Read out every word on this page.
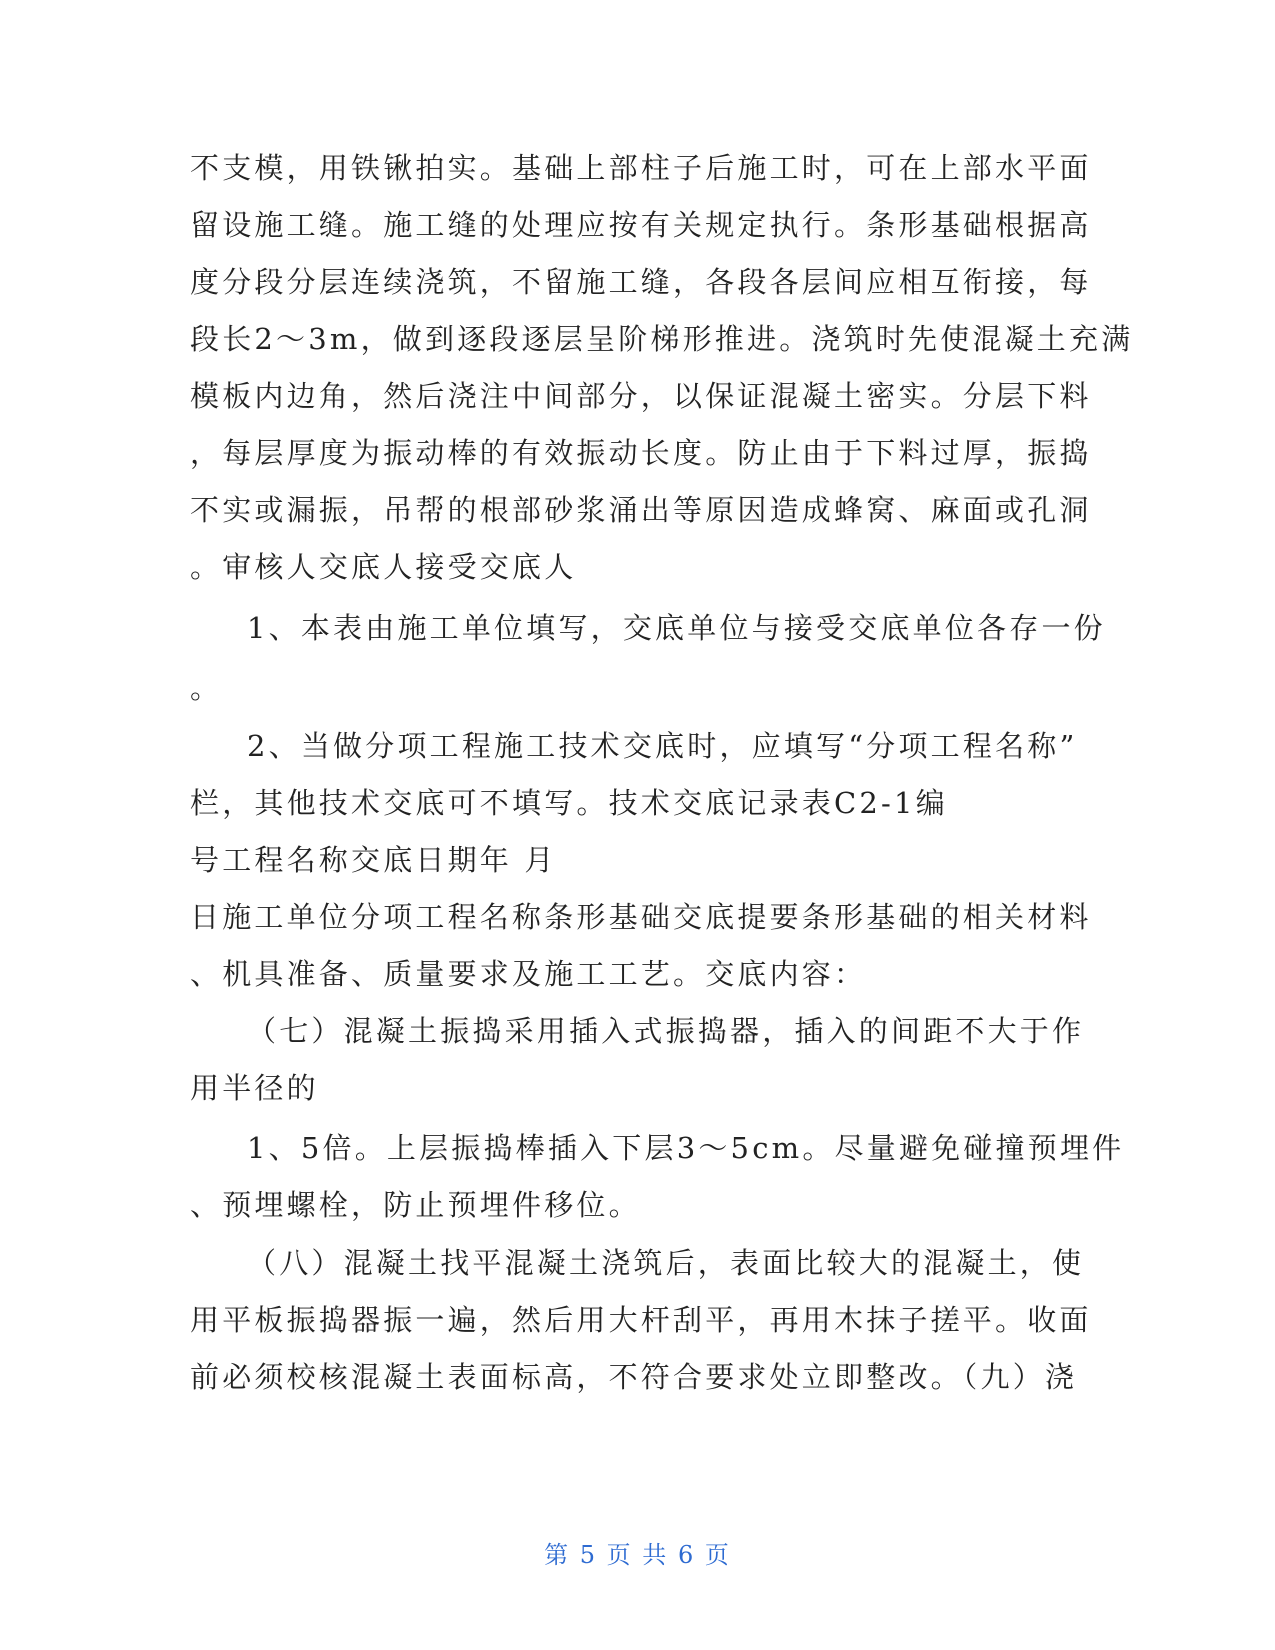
不支模，用铁锹拍实。基础上部柱子后施工时，可在上部水平面
留设施工缝。施工缝的处理应按有关规定执行。条形基础根据高
度分段分层连续浇筑，不留施工缝，各段各层间应相互衔接，每
段长2～3m，做到逐段逐层呈阶梯形推进。浇筑时先使混凝土充满
模板内边角，然后浇注中间部分，以保证混凝土密实。分层下料
，每层厚度为振动棒的有效振动长度。防止由于下料过厚，振捣
不实或漏振，吊帮的根部砂浆涌出等原因造成蜂窝、麻面或孔洞
。审核人交底人接受交底人
1、本表由施工单位填写，交底单位与接受交底单位各存一份
。
2、当做分项工程施工技术交底时，应填写“分项工程名称”
栏，其他技术交底可不填写。技术交底记录表C2-1编
号工程名称交底日期年 月
日施工单位分项工程名称条形基础交底提要条形基础的相关材料
、机具准备、质量要求及施工工艺。交底内容：
（七）混凝土振捣采用插入式振捣器，插入的间距不大于作
用半径的
1、5倍。上层振捣棒插入下层3～5cm。尽量避免碰撞预埋件
、预埋螺栓，防止预埋件移位。
（八）混凝土找平混凝土浇筑后，表面比较大的混凝土，使
用平板振捣器振一遍，然后用大杆刮平，再用木抹子搓平。收面
前必须校核混凝土表面标高，不符合要求处立即整改。（九）浇
第 5 页 共 6 页
